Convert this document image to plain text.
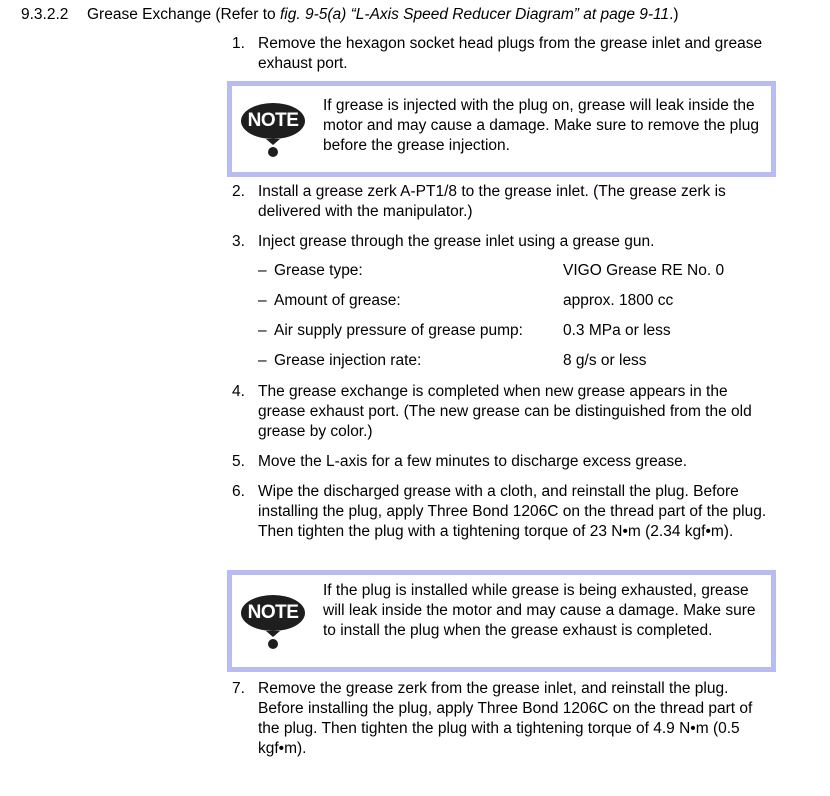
9.3.2.2 Grease Exchange (Refer to fig. 9-5(a) “L-Axis Speed Reducer Diagram” at page 9-11.)
1. Remove the hexagon socket head plugs from the grease inlet and grease exhaust port.
NOTE
If grease is injected with the plug on, grease will leak inside the motor and may cause a damage. Make sure to remove the plug before the grease injection.
2. Install a grease zerk A-PT1/8 to the grease inlet. (The grease zerk is delivered with the manipulator.)
3. Inject grease through the grease inlet using a grease gun.
– Grease type:	VIGO Grease RE No. 0
– Amount of grease:	approx. 1800 cc
– Air supply pressure of grease pump:	0.3 MPa or less
– Grease injection rate:	8 g/s or less
4. The grease exchange is completed when new grease appears in the grease exhaust port. (The new grease can be distinguished from the old grease by color.)
5. Move the L-axis for a few minutes to discharge excess grease.
6. Wipe the discharged grease with a cloth, and reinstall the plug. Before installing the plug, apply Three Bond 1206C on the thread part of the plug. Then tighten the plug with a tightening torque of 23 N•m (2.34 kgf•m).
NOTE
If the plug is installed while grease is being exhausted, grease will leak inside the motor and may cause a damage. Make sure to install the plug when the grease exhaust is completed.
7. Remove the grease zerk from the grease inlet, and reinstall the plug. Before installing the plug, apply Three Bond 1206C on the thread part of the plug. Then tighten the plug with a tightening torque of 4.9 N•m (0.5 kgf•m).
